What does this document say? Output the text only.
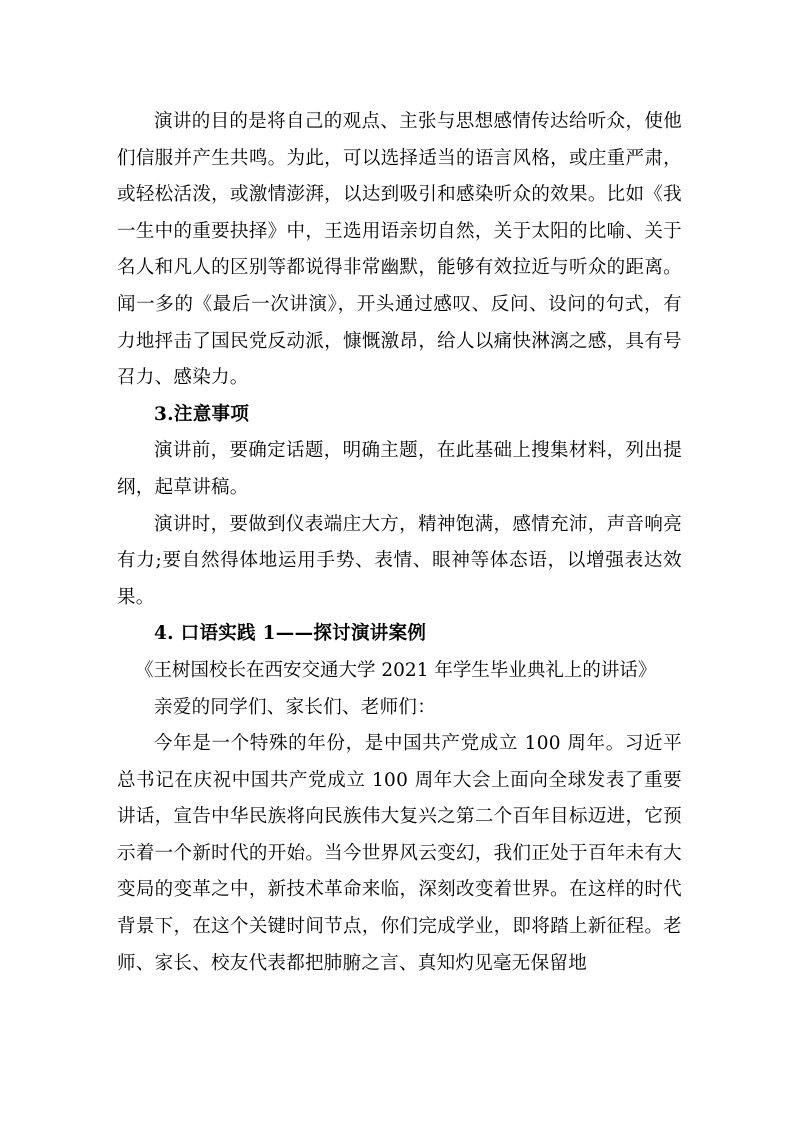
演讲的目的是将自己的观点、主张与思想感情传达给听众，使他们信服并产生共鸣。为此，可以选择适当的语言风格，或庄重严肃，或轻松活泼，或激情澎湃，以达到吸引和感染听众的效果。比如《我一生中的重要抉择》中，王选用语亲切自然，关于太阳的比喻、关于名人和凡人的区别等都说得非常幽默，能够有效拉近与听众的距离。闻一多的《最后一次讲演》，开头通过感叹、反问、设问的句式，有力地抨击了国民党反动派，慷慨激昂，给人以痛快淋漓之感，具有号召力、感染力。

3.注意事项

演讲前，要确定话题，明确主题，在此基础上搜集材料，列出提纲，起草讲稿。

演讲时，要做到仪表端庄大方，精神饱满，感情充沛，声音响亮有力;要自然得体地运用手势、表情、眼神等体态语，以增强表达效果。

4. 口语实践 1——探讨演讲案例

《王树国校长在西安交通大学 2021 年学生毕业典礼上的讲话》

亲爱的同学们、家长们、老师们：

今年是一个特殊的年份，是中国共产党成立 100 周年。习近平总书记在庆祝中国共产党成立 100 周年大会上面向全球发表了重要讲话，宣告中华民族将向民族伟大复兴之第二个百年目标迈进，它预示着一个新时代的开始。当今世界风云变幻，我们正处于百年未有大变局的变革之中，新技术革命来临，深刻改变着世界。在这样的时代背景下，在这个关键时间节点，你们完成学业，即将踏上新征程。老师、家长、校友代表都把肺腑之言、真知灼见毫无保留地
